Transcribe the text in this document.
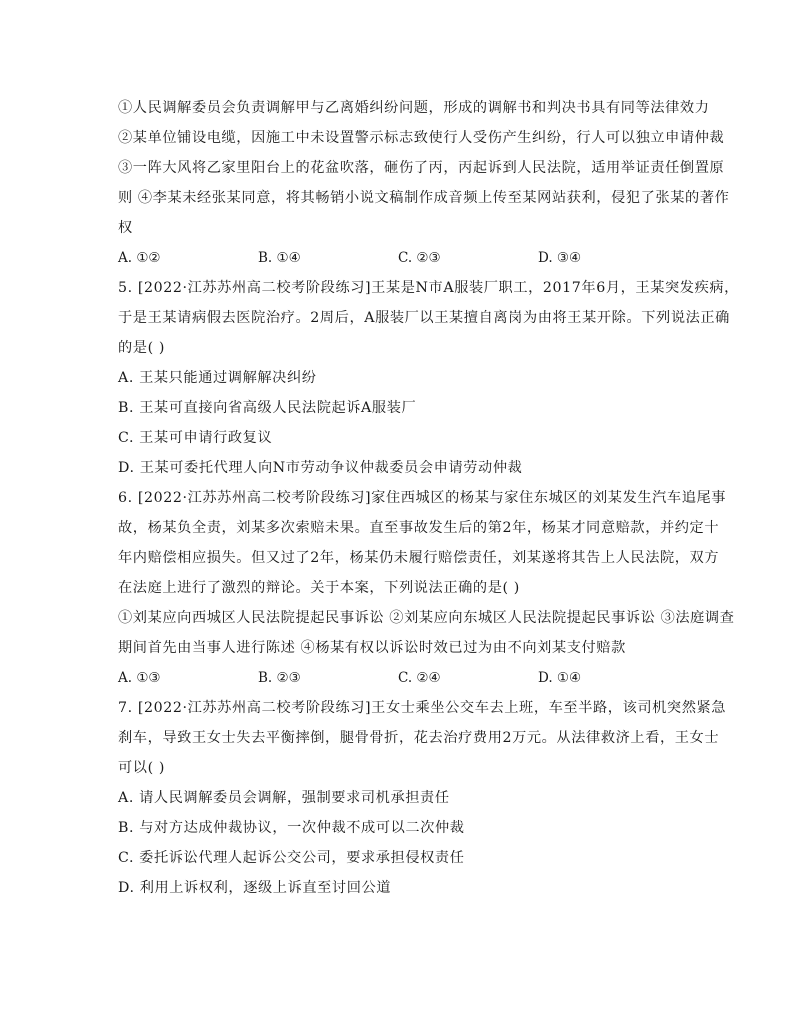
①人民调解委员会负责调解甲与乙离婚纠纷问题，形成的调解书和判决书具有同等法律效力

②某单位铺设电缆，因施工中未设置警示标志致使行人受伤产生纠纷，行人可以独立申请仲裁

③一阵大风将乙家里阳台上的花盆吹落，砸伤了丙，丙起诉到人民法院，适用举证责任倒置原

则 ④李某未经张某同意，将其畅销小说文稿制作成音频上传至某网站获利，侵犯了张某的著作

权

A. ①②	B. ①④	C. ②③	D. ③④

5. [2022·江苏苏州高二校考阶段练习]王某是N市A服装厂职工，2017年6月，王某突发疾病，

于是王某请病假去医院治疗。2周后，A服装厂以王某擅自离岗为由将王某开除。下列说法正确

的是( )

A. 王某只能通过调解解决纠纷

B. 王某可直接向省高级人民法院起诉A服装厂

C. 王某可申请行政复议

D. 王某可委托代理人向N市劳动争议仲裁委员会申请劳动仲裁

6. [2022·江苏苏州高二校考阶段练习]家住西城区的杨某与家住东城区的刘某发生汽车追尾事

故，杨某负全责，刘某多次索赔未果。直至事故发生后的第2年，杨某才同意赔款，并约定十

年内赔偿相应损失。但又过了2年，杨某仍未履行赔偿责任，刘某遂将其告上人民法院，双方

在法庭上进行了激烈的辩论。关于本案，下列说法正确的是( )

①刘某应向西城区人民法院提起民事诉讼 ②刘某应向东城区人民法院提起民事诉讼 ③法庭调查

期间首先由当事人进行陈述 ④杨某有权以诉讼时效已过为由不向刘某支付赔款

A. ①③	B. ②③	C. ②④	D. ①④

7. [2022·江苏苏州高二校考阶段练习]王女士乘坐公交车去上班，车至半路，该司机突然紧急

刹车，导致王女士失去平衡摔倒，腿骨骨折，花去治疗费用2万元。从法律救济上看，王女士

可以( )

A. 请人民调解委员会调解，强制要求司机承担责任

B. 与对方达成仲裁协议，一次仲裁不成可以二次仲裁

C. 委托诉讼代理人起诉公交公司，要求承担侵权责任

D. 利用上诉权利，逐级上诉直至讨回公道
